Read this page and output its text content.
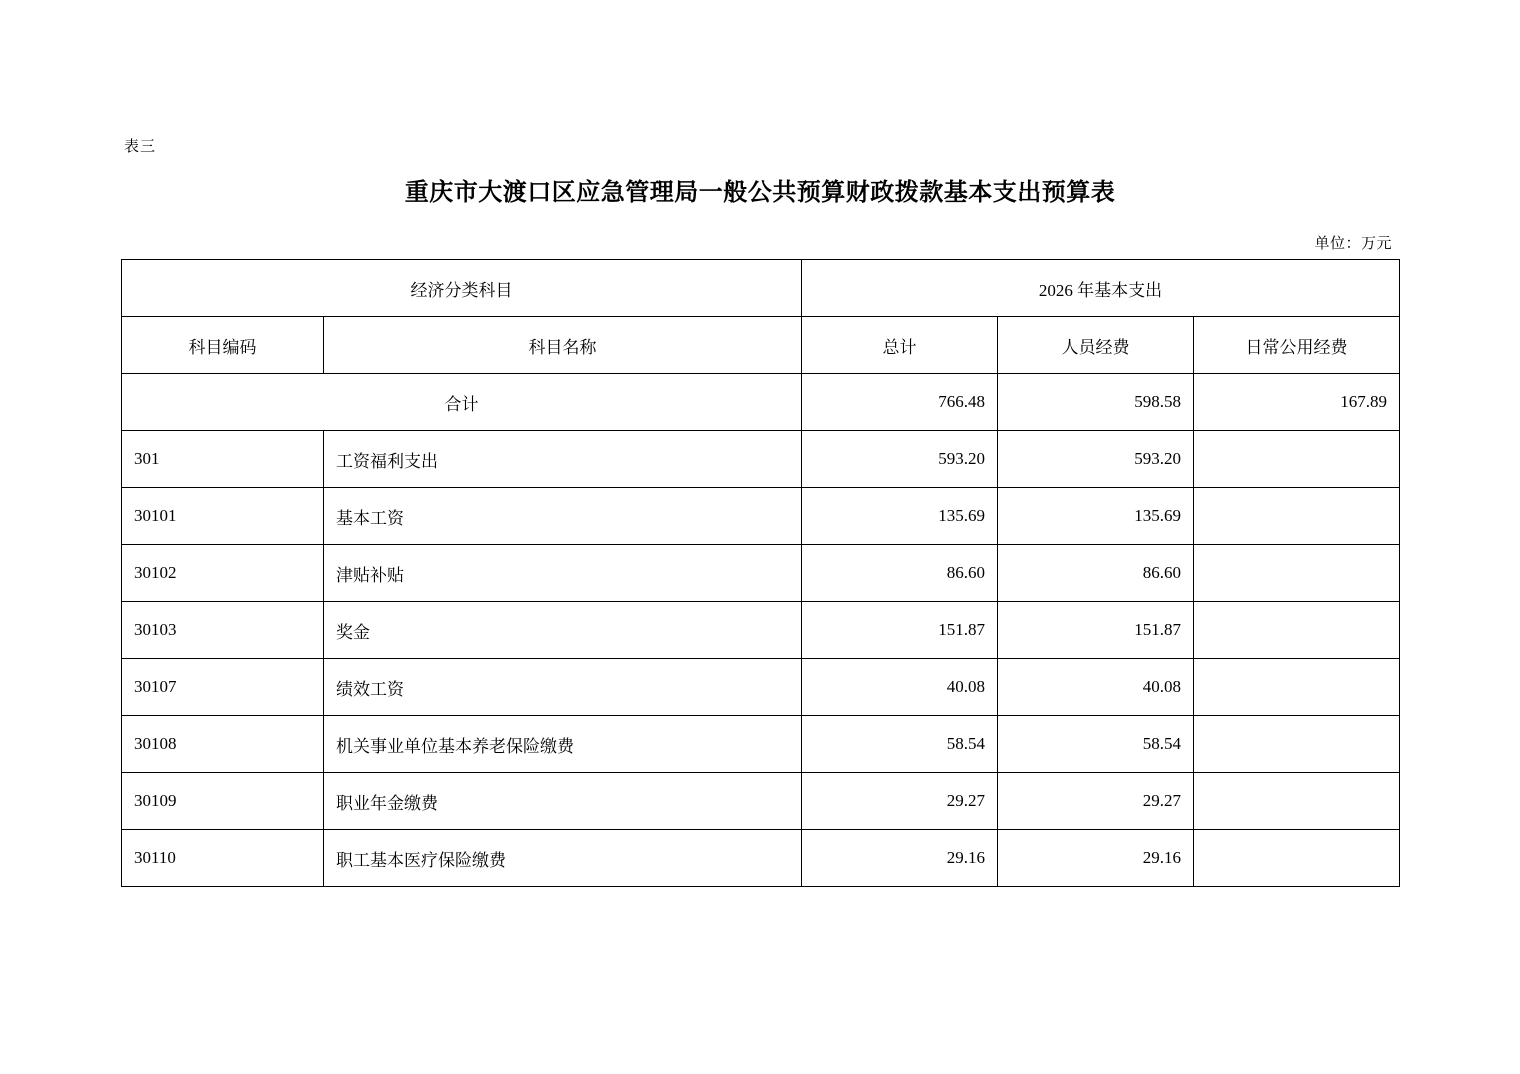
表三
重庆市大渡口区应急管理局一般公共预算财政拨款基本支出预算表
单位：万元
经济分类科目		2026 年基本支出		
科目编码	科目名称	总计	人员经费	日常公用经费
合计		766.48	598.58	167.89
301	工资福利支出	593.20	593.20	
30101	基本工资	135.69	135.69	
30102	津贴补贴	86.60	86.60	
30103	奖金	151.87	151.87	
30107	绩效工资	40.08	40.08	
30108	机关事业单位基本养老保险缴费	58.54	58.54	
30109	职业年金缴费	29.27	29.27	
30110	职工基本医疗保险缴费	29.16	29.16	
